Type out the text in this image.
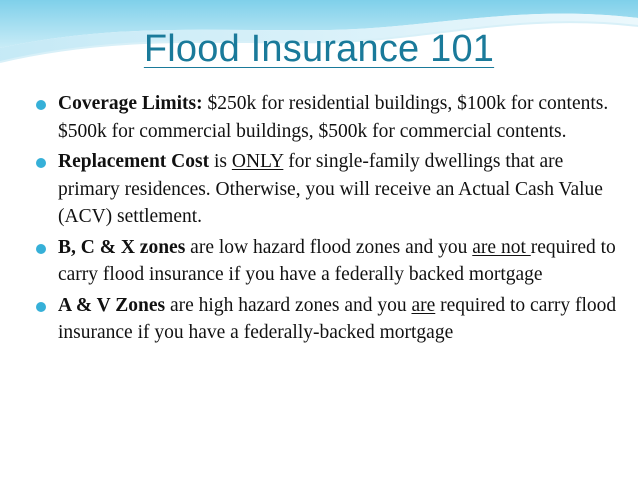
Flood Insurance 101
Coverage Limits: $250k for residential buildings, $100k for contents. $500k for commercial buildings, $500k for commercial contents.
Replacement Cost is ONLY for single-family dwellings that are primary residences. Otherwise, you will receive an Actual Cash Value (ACV) settlement.
B, C & X zones are low hazard flood zones and you are not required to carry flood insurance if you have a federally backed mortgage
A & V Zones are high hazard zones and you are required to carry flood insurance if you have a federally-backed mortgage
